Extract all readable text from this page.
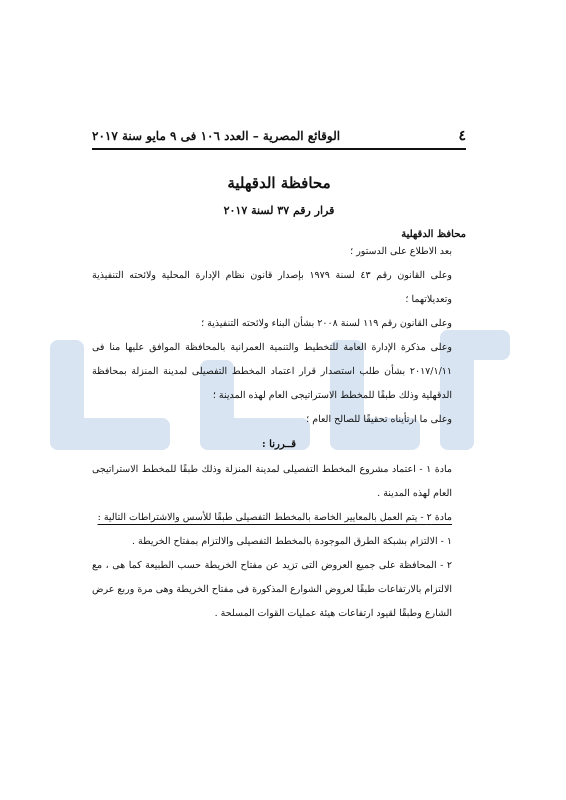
٤
الوقائع المصرية – العدد ١٠٦ فى ٩ مايو سنة ٢٠١٧
محافظة الدقهلية
قرار رقم ٣٧ لسنة ٢٠١٧
محافظ الدقهلية

بعد الاطلاع على الدستور ؛

وعلى القانون رقم ٤٣ لسنة ١٩٧٩ بإصدار قانون نظام الإدارة المحلية ولائحته التنفيذية وتعديلاتهما ؛

وعلى القانون رقم ١١٩ لسنة ٢٠٠٨ بشأن البناء ولائحته التنفيذية ؛

وعلى مذكرة الإدارة العامة للتخطيط والتنمية العمرانية بالمحافظة الموافق عليها منا فى ٢٠١٧/١/١١ بشأن طلب استصدار قرار اعتماد المخطط التفصيلى لمدينة المنزلة بمحافظة الدقهلية وذلك طبقًا للمخطط الاستراتيجى العام لهذه المدينة ؛

وعلى ما ارتأيناه تحقيقًا للصالح العام ؛

قــررنا :

مادة ١ - اعتماد مشروع المخطط التفصيلى لمدينة المنزلة وذلك طبقًا للمخطط الاستراتيجى العام لهذه المدينة .

مادة ٢ - يتم العمل بالمعايير الخاصة بالمخطط التفصيلى طبقًا للأسس والاشتراطات التالية :

١ - الالتزام بشبكة الطرق الموجودة بالمخطط التفصيلى والالتزام بمفتاح الخريطة .

٢ - المحافظة على جميع العروض التى تزيد عن مفتاح الخريطة حسب الطبيعة كما هى ، مع الالتزام بالارتفاعات طبقًا لعروض الشوارع المذكورة فى مفتاح الخريطة وهى مرة وربع عرض الشارع وطبقًا لقيود ارتفاعات هيئة عمليات القوات المسلحة .
